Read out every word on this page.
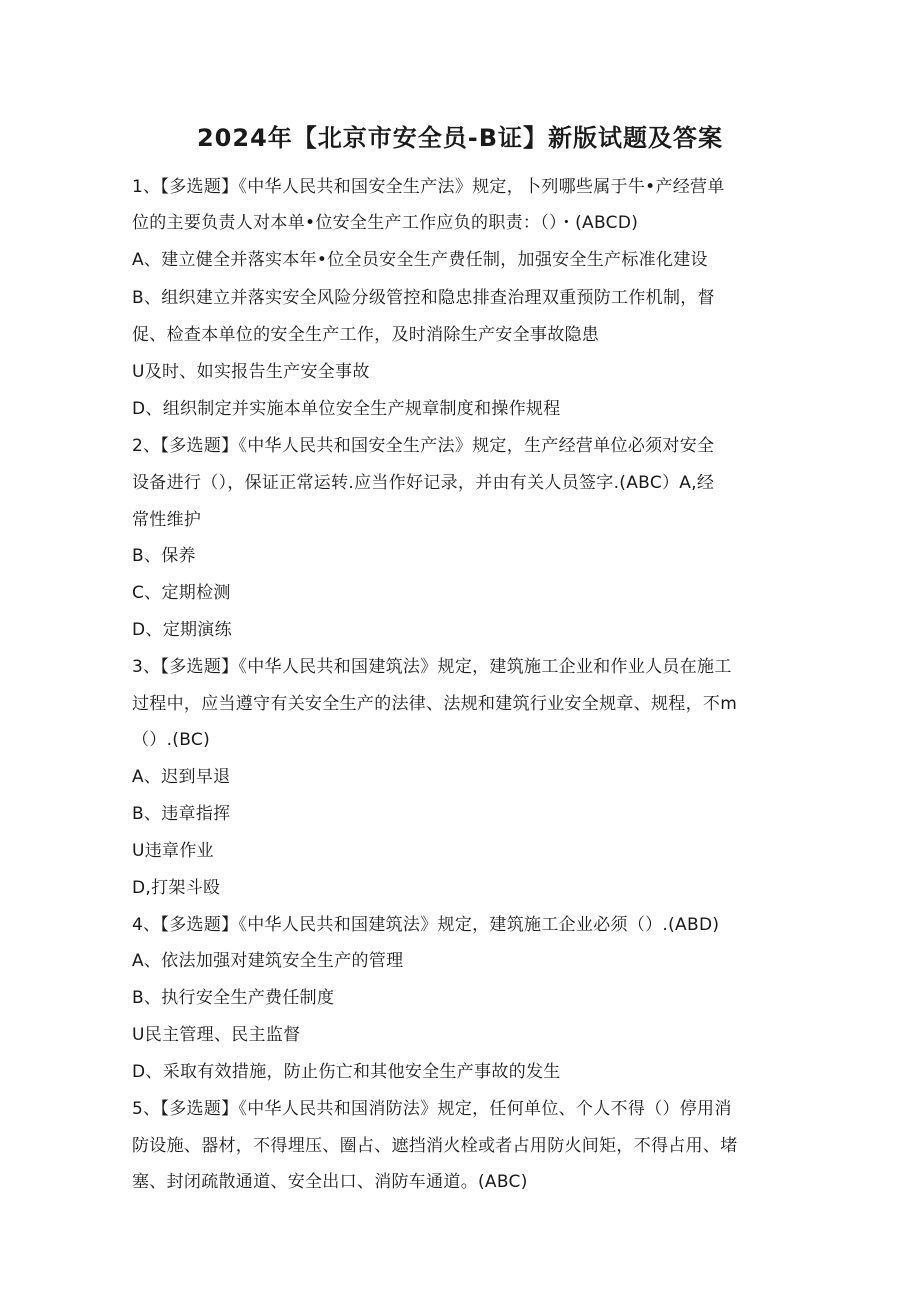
2024年【北京市安全员-B证】新版试题及答案
1、【多选题】《中华人民共和国安全生产法》规定，卜列哪些属于牛•产经营单
位的主要负责人对本单•位安全生产工作应负的职责：（）・(ABCD)
A、建立健全并落实本年•位全员安全生产费任制，加强安全生产标准化建设
B、组织建立并落实安全风险分级管控和隐忠排查治理双重预防工作机制，督
促、检查本单位的安全生产工作，及时消除生产安全事故隐患
U及时、如实报告生产安全事故
D、组织制定并实施本单位安全生产规章制度和操作规程
2、【多选题】《中华人民共和国安全生产法》规定，生产经营单位必须对安全
设备进行（），保证正常运转.应当作好记录，并由有关人员签字.(ABC）A,经
常性维护
B、保养
C、定期检测
D、定期演练
3、【多选题】《中华人民共和国建筑法》规定，建筑施工企业和作业人员在施工
过程中，应当遵守有关安全生产的法律、法规和建筑行业安全规章、规程，不m
（）.(BC)
A、迟到早退
B、违章指挥
U违章作业
D,打架斗殴
4、【多选题】《中华人民共和国建筑法》规定，建筑施工企业必须（）.(ABD)
A、依法加强对建筑安全生产的管理
B、执行安全生产费任制度
U民主管理、民主监督
D、采取有效措施，防止伤亡和其他安全生产事故的发生
5、【多选题】《中华人民共和国消防法》规定，任何单位、个人不得（）停用消
防设施、器材，不得埋压、圈占、遮挡消火栓或者占用防火间矩，不得占用、堵
塞、封闭疏散通道、安全出口、消防车通道。(ABC)
